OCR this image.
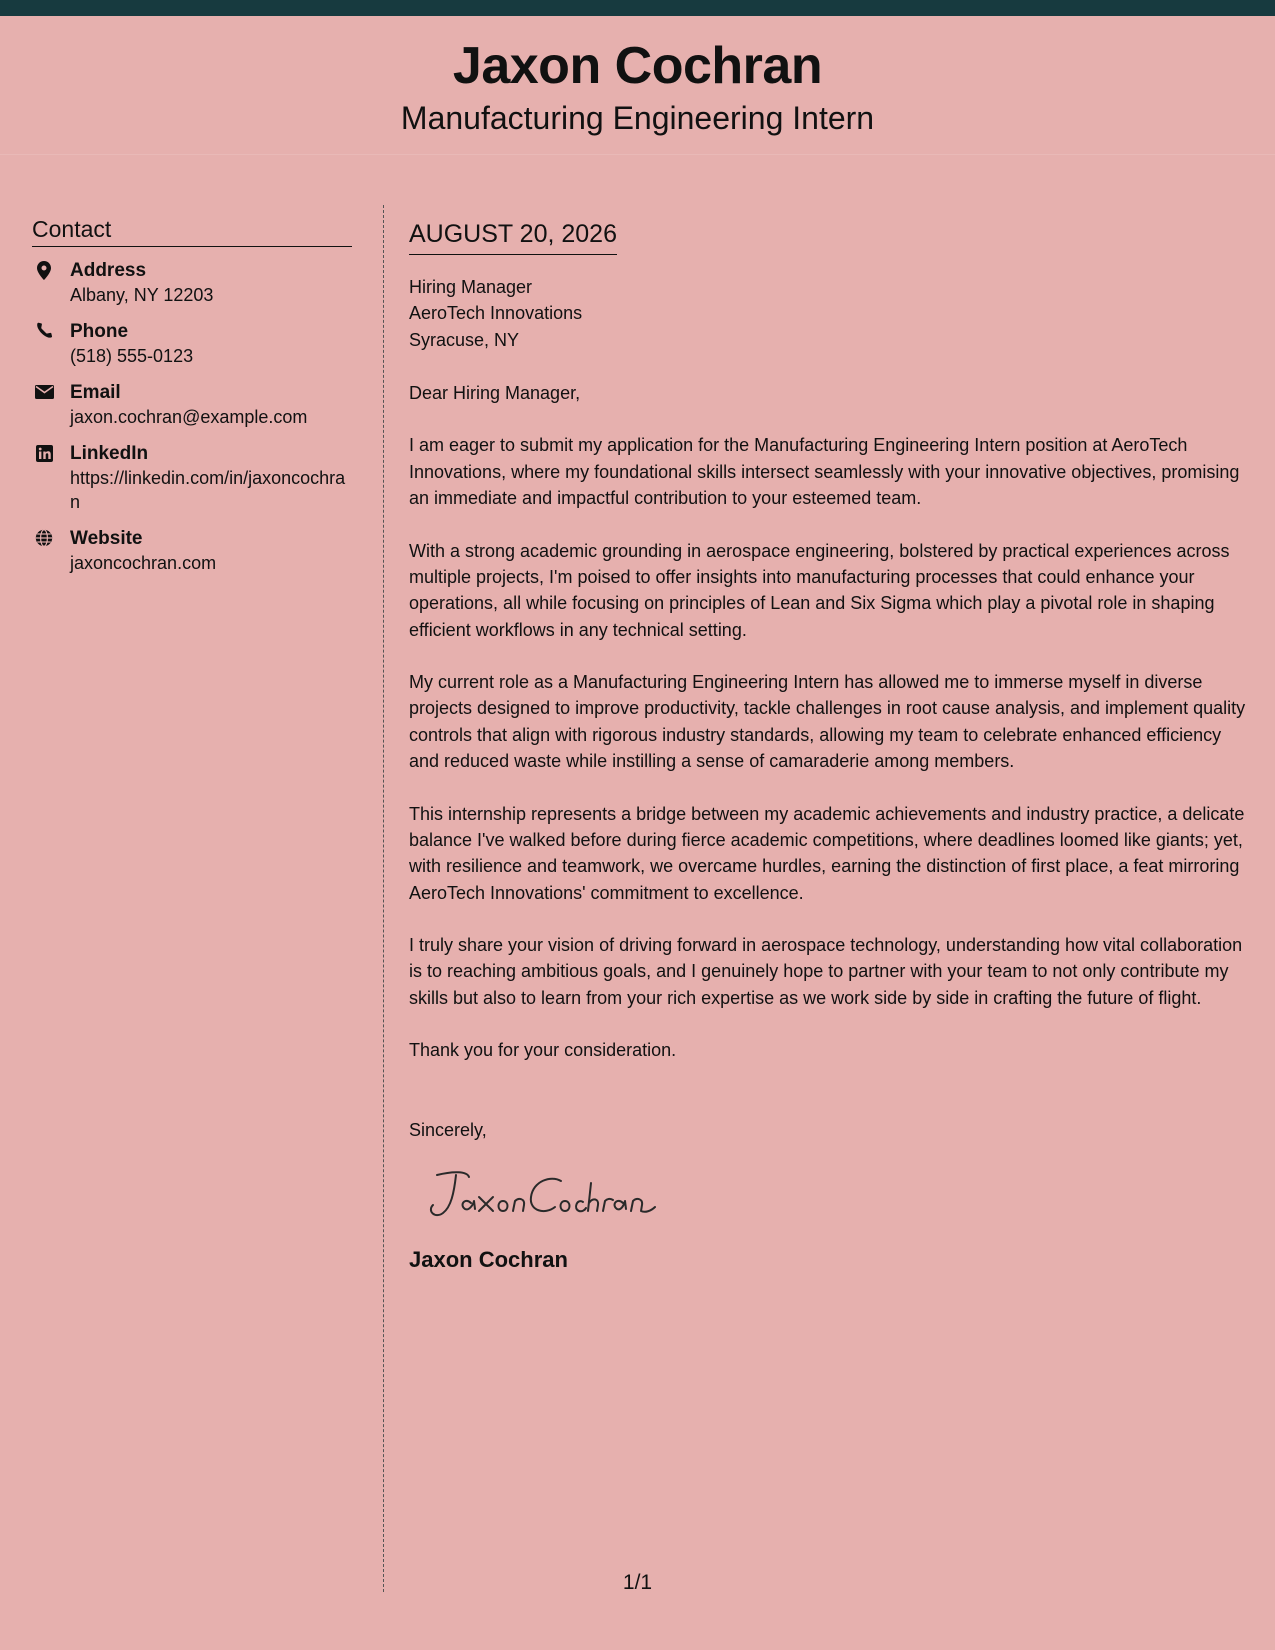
Jaxon Cochran
Manufacturing Engineering Intern
Contact
Address
Albany, NY 12203
Phone
(518) 555-0123
Email
jaxon.cochran@example.com
LinkedIn
https://linkedin.com/in/jaxoncochran
Website
jaxoncochran.com
AUGUST 20, 2026
Hiring Manager
AeroTech Innovations
Syracuse, NY

Dear Hiring Manager,

I am eager to submit my application for the Manufacturing Engineering Intern position at AeroTech Innovations, where my foundational skills intersect seamlessly with your innovative objectives, promising an immediate and impactful contribution to your esteemed team.

With a strong academic grounding in aerospace engineering, bolstered by practical experiences across multiple projects, I'm poised to offer insights into manufacturing processes that could enhance your operations, all while focusing on principles of Lean and Six Sigma which play a pivotal role in shaping efficient workflows in any technical setting.

My current role as a Manufacturing Engineering Intern has allowed me to immerse myself in diverse projects designed to improve productivity, tackle challenges in root cause analysis, and implement quality controls that align with rigorous industry standards, allowing my team to celebrate enhanced efficiency and reduced waste while instilling a sense of camaraderie among members.

This internship represents a bridge between my academic achievements and industry practice, a delicate balance I've walked before during fierce academic competitions, where deadlines loomed like giants; yet, with resilience and teamwork, we overcame hurdles, earning the distinction of first place, a feat mirroring AeroTech Innovations' commitment to excellence.

I truly share your vision of driving forward in aerospace technology, understanding how vital collaboration is to reaching ambitious goals, and I genuinely hope to partner with your team to not only contribute my skills but also to learn from your rich expertise as we work side by side in crafting the future of flight.

Thank you for your consideration.

Sincerely,
Jaxon Cochran
1/1
